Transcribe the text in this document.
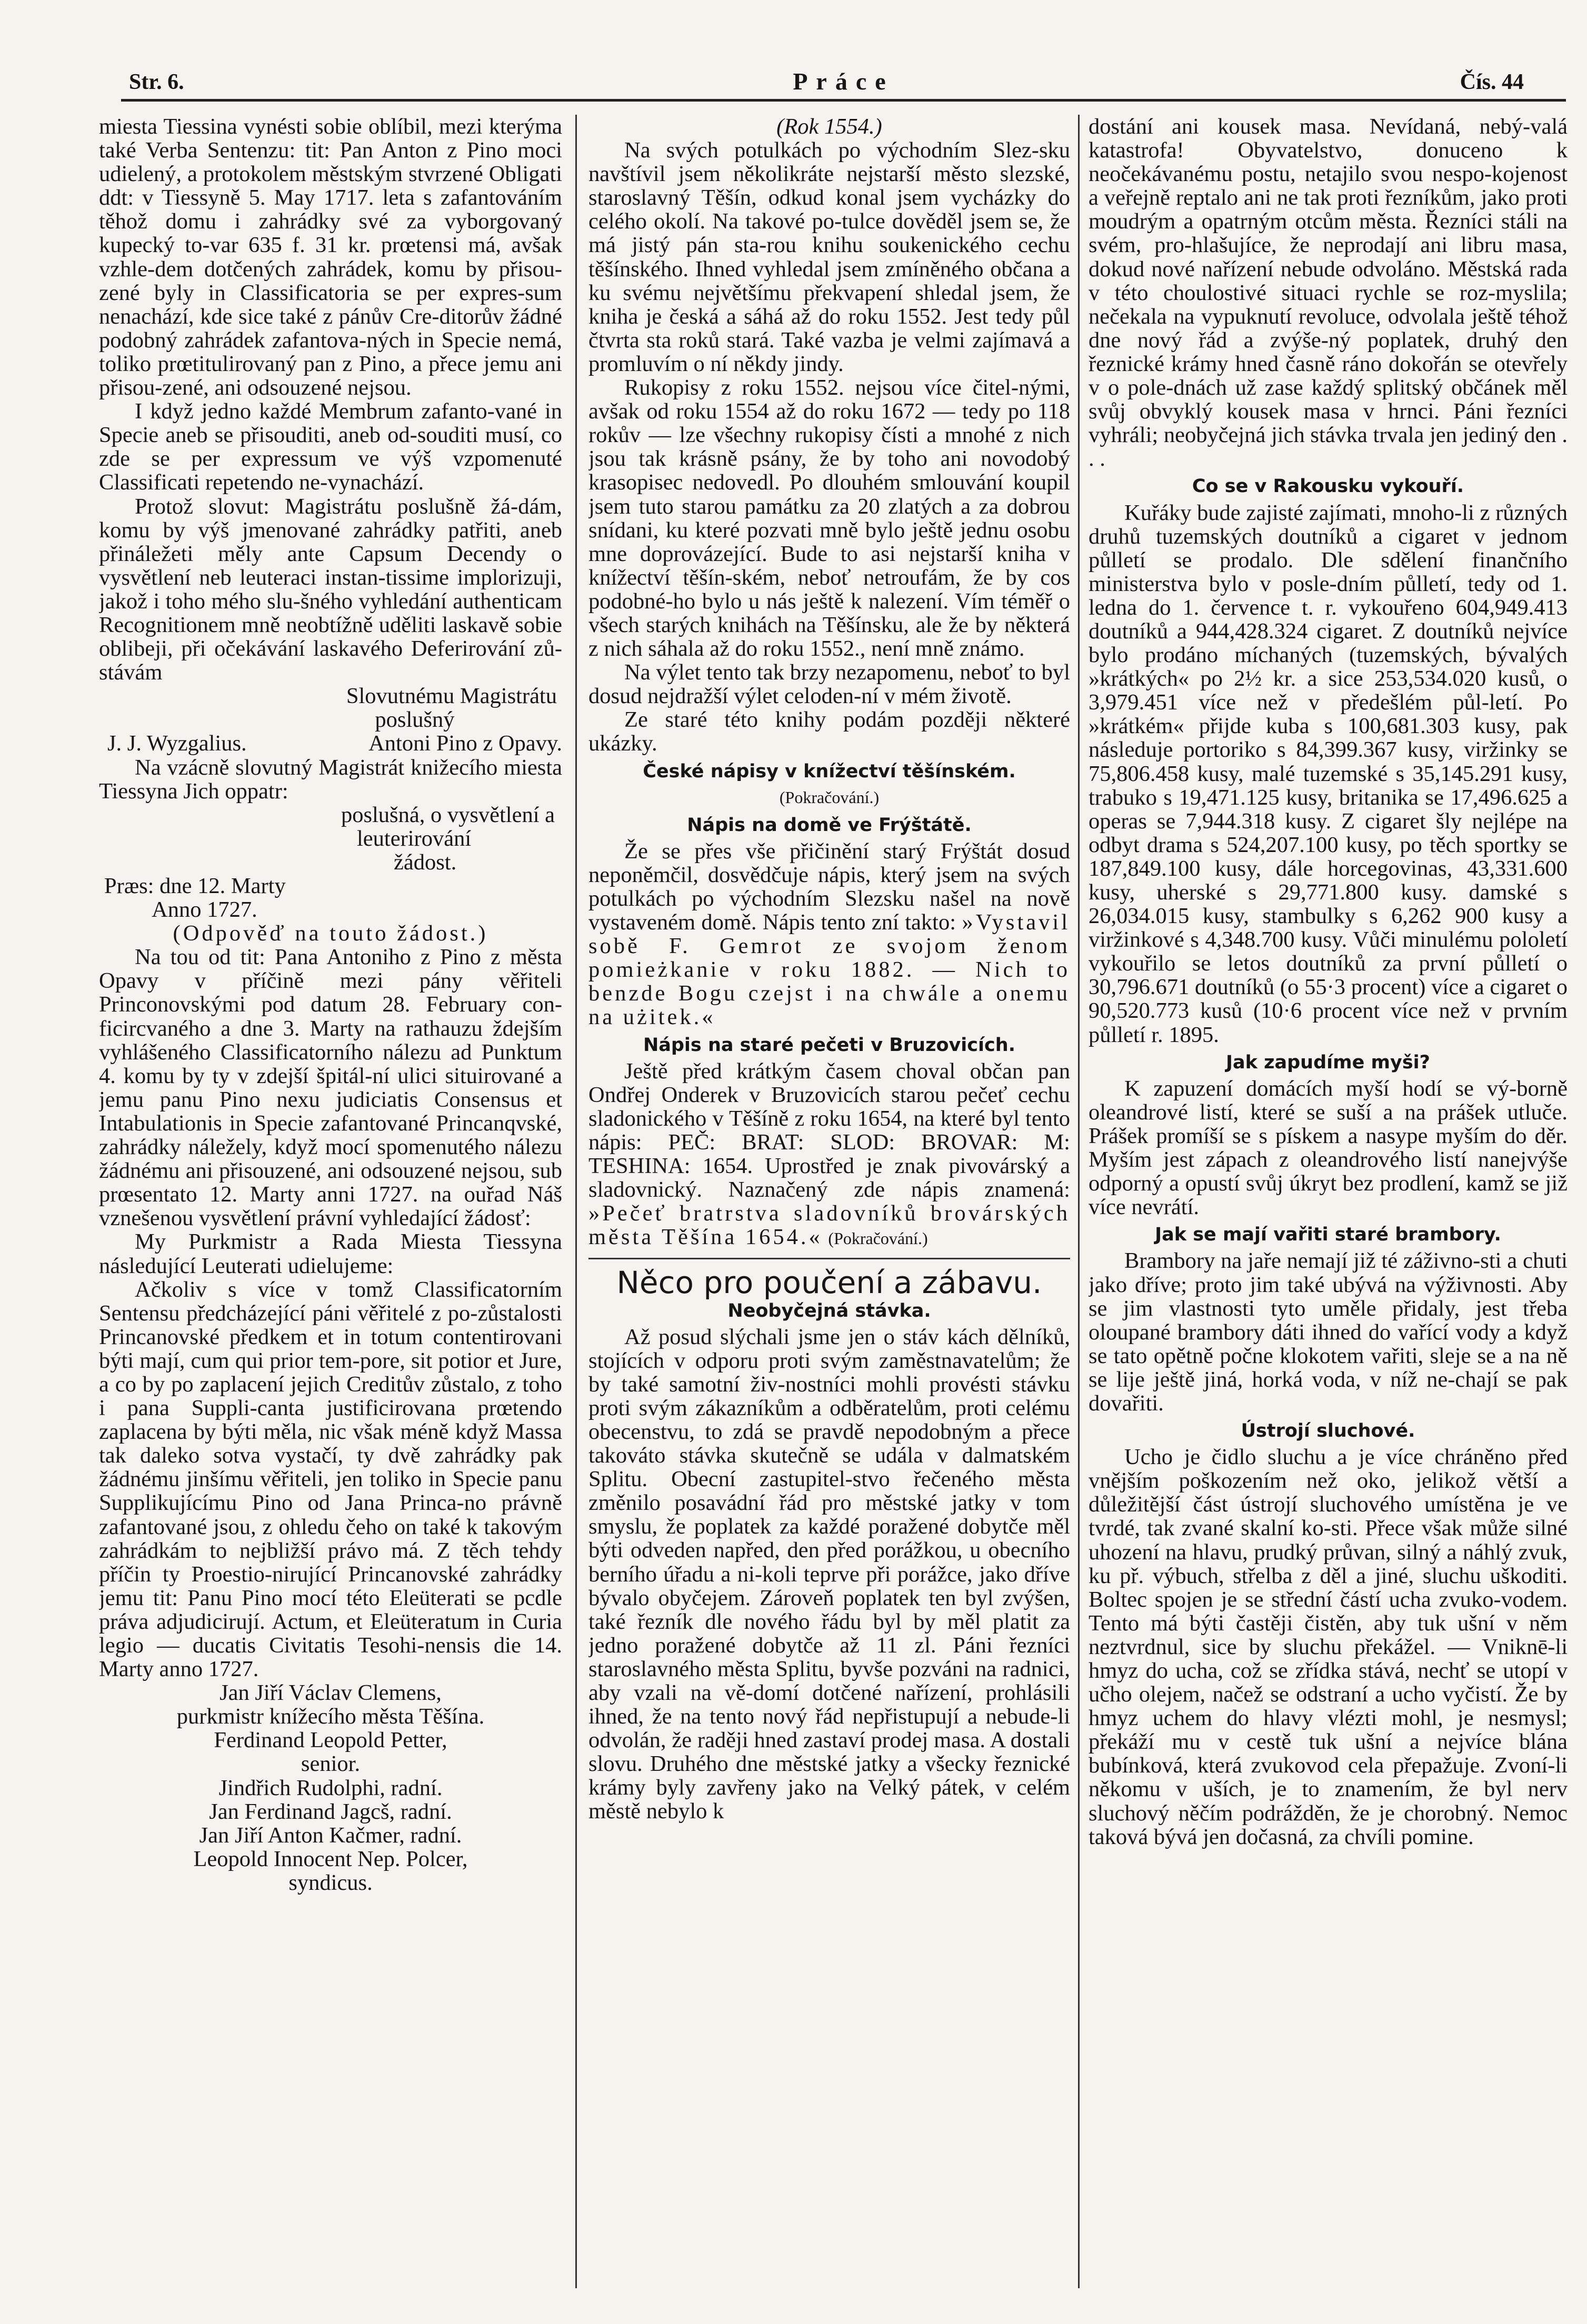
Str. 6.	Práce	Čís. 44

miesta Tiessina vynésti sobie oblíbil, mezi kterýma také Verba Sentenzu: tit: Pan Anton z Pino moci udielený, a protokolem městským stvrzené Obligati ddt: v Tiessyně 5. May 1717. leta s zafantováním těhož domu i zahrádky své za vyborgovaný kupecký to-var 635 f. 31 kr. prœtensi má, avšak vzhle-dem dotčených zahrádek, komu by přisou-zené byly in Classificatoria se per expres-sum nenachází, kde sice také z pánův Cre-ditorův žádné podobný zahrádek zafantova-ných in Specie nemá, toliko prœtitulirovaný pan z Pino, a přece jemu ani přisou-zené, ani odsouzené nejsou.

I když jedno každé Membrum zafanto-vané in Specie aneb se přisouditi, aneb od-souditi musí, co zde se per expressum ve výš vzpomenuté Classificati repetendo ne-vynachází.

Protož slovut: Magistrátu poslušně žá-dám, komu by výš jmenované zahrádky patřiti, aneb přináležeti měly ante Capsum Decendy o vysvětlení neb leuteraci instan-tissime implorizuji, jakož i toho mého slu-šného vyhledání authenticam Recognitionem mně neobtížně uděliti laskavě sobie oblibeji, při očekávání laskavého Deferirování zů-stávám

Slovutnému Magistrátu
poslušný
J. J. Wyzgalius.	Antoni Pino z Opavy.

Na vzácně slovutný Magistrát knižecího miesta Tiessyna Jich oppatr:

poslušná, o vysvětlení a
leuterirování
žádost.
Præs: dne 12. Marty
Anno 1727.
(Odpověď na touto žádost.)

Na tou od tit: Pana Antoniho z Pino z města Opavy v příčině mezi pány věřiteli Princonovskými pod datum 28. February con-ficircvaného a dne 3. Marty na rathauzu ždejším vyhlášeného Classificatorního nálezu ad Punktum 4. komu by ty v zdejší špitál-ní ulici situirované a jemu panu Pino nexu judiciatis Consensus et Intabulationis in Specie zafantované Princanqvské, zahrádky náležely, když mocí spomenutého nálezu žádnému ani přisouzené, ani odsouzené nejsou, sub prœsentato 12. Marty anni 1727. na ouřad Náš vznešenou vysvětlení právní vyhledající žádosť:

My Purkmistr a Rada Miesta Tiessyna následující Leuterati udielujeme:

Ačkoliv s více v tomž Classificatorním Sentensu předcházející páni věřitelé z po-zůstalosti Princanovské předkem et in totum contentirovani býti mají, cum qui prior tem-pore, sit potior et Jure, a co by po zaplacení jejich Creditův zůstalo, z toho i pana Suppli-canta justificirovana prœtendo zaplacena by býti měla, nic však méně když Massa tak daleko sotva vystačí, ty dvě zahrádky pak žádnému jinšímu věřiteli, jen toliko in Specie panu Supplikujícímu Pino od Jana Princa-no právně zafantované jsou, z ohledu čeho on také k takovým zahrádkám to nejbližší právo má. Z těch tehdy příčin ty Proestio-nirující Princanovské zahrádky jemu tit: Panu Pino mocí této Eleüterati se pcdle práva adjudicirují. Actum, et Eleüteratum in Curia legio — ducatis Civitatis Tesohi-nensis die 14. Marty anno 1727.

Jan Jiří Václav Clemens,
purkmistr knížecího města Těšína.
Ferdinand Leopold Petter,
senior.
Jindřich Rudolphi, radní.
Jan Ferdinand Jagcš, radní.
Jan Jiří Anton Kačmer, radní.
Leopold Innocent Nep. Polcer,
syndicus.
(Rok 1554.)

Na svých potulkách po východním Slez-sku navštívil jsem několikráte nejstarší město slezské, staroslavný Těšín, odkud konal jsem vycházky do celého okolí. Na takové po-tulce dověděl jsem se, že má jistý pán sta-rou knihu soukenického cechu těšínského. Ihned vyhledal jsem zmíněného občana a ku svému největšímu překvapení shledal jsem, že kniha je česká a sáhá až do roku 1552. Jest tedy půl čtvrta sta roků stará. Také vazba je velmi zajímavá a promluvím o ní někdy jindy.

Rukopisy z roku 1552. nejsou více čitel-nými, avšak od roku 1554 až do roku 1672 — tedy po 118 rokův — lze všechny rukopisy čísti a mnohé z nich jsou tak krásně psány, že by toho ani novodobý krasopisec nedovedl. Po dlouhém smlouvání koupil jsem tuto starou památku za 20 zlatých a za dobrou snídani, ku které pozvati mně bylo ještě jednu osobu mne doprovázející. Bude to asi nejstarší kniha v knížectví těšín-ském, neboť netroufám, že by cos podobné-ho bylo u nás ještě k nalezení. Vím téměř o všech starých knihách na Těšínsku, ale že by některá z nich sáhala až do roku 1552., není mně známo.

Na výlet tento tak brzy nezapomenu, neboť to byl dosud nejdražší výlet celoden-ní v mém životě.

Ze staré této knihy podám později některé ukázky.

České nápisy v knížectví těšínském.
(Pokračování.)
Nápis na domě ve Frýštátě.

Že se přes vše přičinění starý Frýštát dosud neponěmčil, dosvědčuje nápis, který jsem na svých potulkách po východním Slezsku našel na nově vystaveném domě. Nápis tento zní takto: »Vystavil sobě F. Gemrot ze svojom ženom pomieżkanie v roku 1882. — Nich to benzde Bogu czejst i na chwále a onemu na użitek.«

Nápis na staré pečeti v Bruzovicích.

Ještě před krátkým časem choval občan pan Ondřej Onderek v Bruzovicích starou pečeť cechu sladonického v Těšíně z roku 1654, na které byl tento nápis: PEČ: BRAT: SLOD: BROVAR: M: TESHINA: 1654. Uprostřed je znak pivovárský a sladovnický. Naznačený zde nápis znamená: »Pečeť bratrstva sladovníků brovárských města Těšína 1654.« (Pokračování.)

Něco pro poučení a zábavu.
Neobyčejná stávka.

Až posud slýchali jsme jen o stáv kách dělníků, stojících v odporu proti svým zaměstnavatelům; že by také samotní živ-nostníci mohli provésti stávku proti svým zákazníkům a odběratelům, proti celému obecenstvu, to zdá se pravdě nepodobným a přece takováto stávka skutečně se udála v dalmatském Splitu. Obecní zastupitel-stvo řečeného města změnilo posavádní řád pro městské jatky v tom smyslu, že poplatek za každé poražené dobytče měl býti odveden napřed, den před porážkou, u obecního berního úřadu a ni-koli teprve při porážce, jako dříve bývalo obyčejem. Zároveň poplatek ten byl zvýšen, také řezník dle nového řádu byl by měl platit za jedno poražené dobytče až 11 zl. Páni řezníci staroslavného města Splitu, byvše pozváni na radnici, aby vzali na vě-domí dotčené nařízení, prohlásili ihned, že na tento nový řád nepřistupují a nebude-li odvolán, že raději hned zastaví prodej masa. A dostali slovu. Druhého dne městské jatky a všecky řeznické krámy byly zavřeny jako na Velký pátek, v celém městě nebylo k

dostání ani kousek masa. Nevídaná, nebý-valá katastrofa! Obyvatelstvo, donuceno k neočekávanému postu, netajilo svou nespo-kojenost a veřejně reptalo ani ne tak proti řezníkům, jako proti moudrým a opatrným otcům města. Řezníci stáli na svém, pro-hlašujíce, že neprodají ani libru masa, dokud nové nařízení nebude odvoláno. Městská rada v této choulostivé situaci rychle se roz-myslila; nečekala na vypuknutí revoluce, odvolala ještě téhož dne nový řád a zvýše-ný poplatek, druhý den řeznické krámy hned časně ráno dokořán se otevřely v o pole-dnách už zase každý splitský občánek měl svůj obvyklý kousek masa v hrnci. Páni řezníci vyhráli; neobyčejná jich stávka trvala jen jediný den . . .

Co se v Rakousku vykouří.

Kuřáky bude zajisté zajímati, mnoho-li z různých druhů tuzemských doutníků a cigaret v jednom půlletí se prodalo. Dle sdělení finančního ministerstva bylo v posle-dním půlletí, tedy od 1. ledna do 1. července t. r. vykouřeno 604,949.413 doutníků a 944,428.324 cigaret. Z doutníků nejvíce bylo prodáno míchaných (tuzemských, bývalých »krátkých« po 2½ kr. a sice 253,534.020 kusů, o 3,979.451 více než v předešlém půl-letí. Po »krátkém« přijde kuba s 100,681.303 kusy, pak následuje portoriko s 84,399.367 kusy, viržinky se 75,806.458 kusy, malé tuzemské s 35,145.291 kusy, trabuko s 19,471.125 kusy, britanika se 17,496.625 a operas se 7,944.318 kusy. Z cigaret šly nejlépe na odbyt drama s 524,207.100 kusy, po těch sportky se 187,849.100 kusy, dále horcegovinas, 43,331.600 kusy, uherské s 29,771.800 kusy. damské s 26,034.015 kusy, stambulky s 6,262 900 kusy a viržinkové s 4,348.700 kusy. Vůči minulému pololetí vykouřilo se letos doutníků za první půlletí o 30,796.671 doutníků (o 55·3 procent) více a cigaret o 90,520.773 kusů (10·6 procent více než v prvním půlletí r. 1895.

Jak zapudíme myši?

K zapuzení domácích myší hodí se vý-borně oleandrové listí, které se suší a na prášek utluče. Prášek promíší se s pískem a nasype myším do děr. Myším jest zápach z oleandrového listí nanejvýše odporný a opustí svůj úkryt bez prodlení, kamž se již více nevrátí.

Jak se mají vařiti staré brambory.

Brambory na jaře nemají již té záživno-sti a chuti jako dříve; proto jim také ubývá na výživnosti. Aby se jim vlastnosti tyto uměle přidaly, jest třeba oloupané brambory dáti ihned do vařící vody a když se tato opětně počne klokotem vařiti, sleje se a na ně se lije ještě jiná, horká voda, v níž ne-chají se pak dovařiti.

Ústrojí sluchové.

Ucho je čidlo sluchu a je více chráněno před vnějším poškozením než oko, jelikož větší a důležitější část ústrojí sluchového umístěna je ve tvrdé, tak zvané skalní ko-sti. Přece však může silné uhození na hlavu, prudký průvan, silný a náhlý zvuk, ku př. výbuch, střelba z děl a jiné, sluchu uškoditi. Boltec spojen je se střední částí ucha zvuko-vodem. Tento má býti častěji čistěn, aby tuk ušní v něm neztvrdnul, sice by sluchu překážel. — Vniknē-li hmyz do ucha, což se zřídka stává, nechť se utopí v učho olejem, načež se odstraní a ucho vyčistí. Že by hmyz uchem do hlavy vlézti mohl, je nesmysl; překáží mu v cestě tuk ušní a nejvíce blána bubínková, která zvukovod cela přepažuje. Zvoní-li někomu v uších, je to znamením, že byl nerv sluchový něčím podrážděn, že je chorobný. Nemoc taková bývá jen dočasná, za chvíli pomine.
